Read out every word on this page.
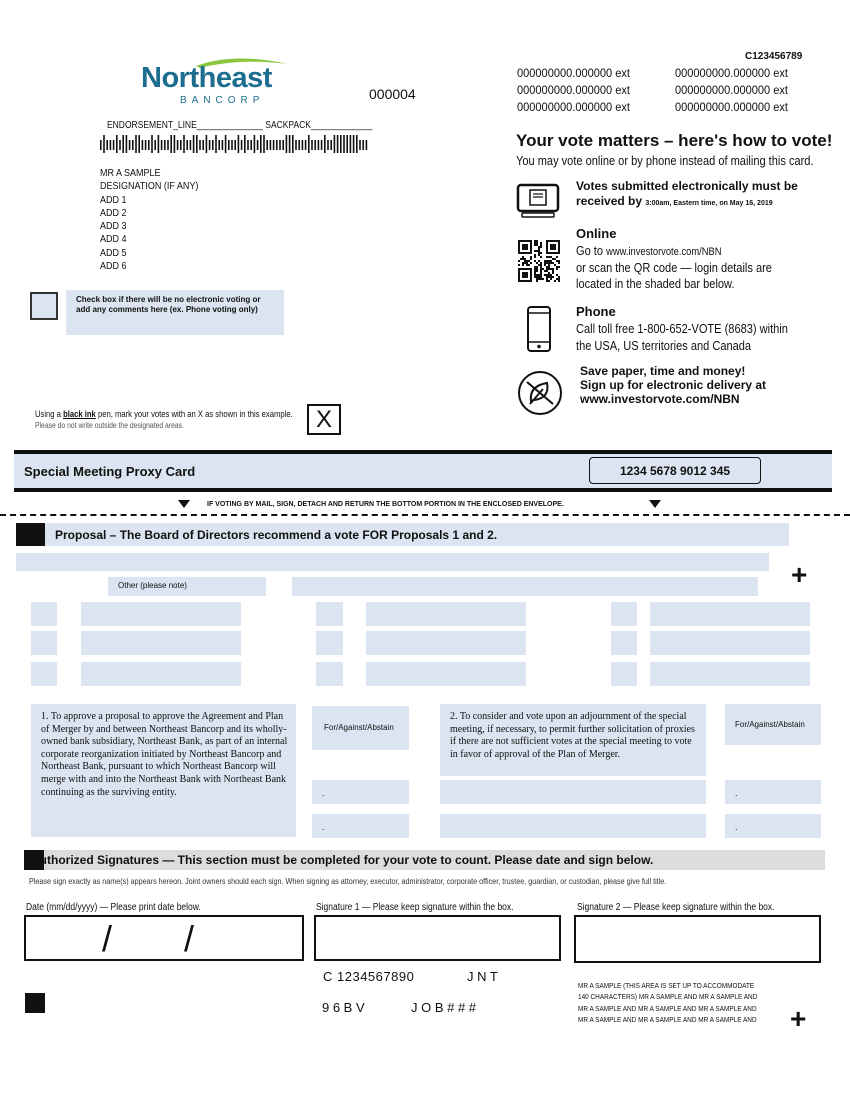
Northeast
BANCORP	000004
C123456789
000000000.000000 ext	000000000.000000 ext
000000000.000000 ext	000000000.000000 ext
000000000.000000 ext	000000000.000000 ext
ENDORSEMENT_LINE______________ SACKPACK_____________
MR A SAMPLE
DESIGNATION (IF ANY)
ADD 1
ADD 2
ADD 3
ADD 4
ADD 5
ADD 6
Check box if there will be no electronic voting or add any comments here (ex. Phone voting only)
Using a black ink pen, mark your votes with an X as shown in this example.
Please do not write outside the designated areas.	X
Your vote matters – here's how to vote!
You may vote online or by phone instead of mailing this card.
Votes submitted electronically must be received by 3:00am, Eastern time, on May 16, 2019
Online
Go to www.investorvote.com/NBN
or scan the QR code — login details are
located in the shaded bar below.
Phone
Call toll free 1-800-652-VOTE (8683) within
the USA, US territories and Canada
Save paper, time and money!
Sign up for electronic delivery at
www.investorvote.com/NBN
Special Meeting Proxy Card	1234 5678 9012 345
IF VOTING BY MAIL, SIGN, DETACH AND RETURN THE BOTTOM PORTION IN THE ENCLOSED ENVELOPE.
Proposal – The Board of Directors recommend a vote FOR Proposals 1 and 2.
+
Other (please note)
1. To approve a proposal to approve the Agreement and Plan of Merger by and between Northeast Bancorp and its wholly-owned bank subsidiary, Northeast Bank, as part of an internal corporate reorganization initiated by Northeast Bancorp and Northeast Bank, pursuant to which Northeast Bancorp will merge with and into the Northeast Bank with Northeast Bank continuing as the surviving entity.
For/Against/Abstain
.
.
2. To consider and vote upon an adjournment of the special meeting, if necessary, to permit further solicitation of proxies if there are not sufficient votes at the special meeting to vote in favor of approval of the Plan of Merger.
For/Against/Abstain
.
.
Authorized Signatures — This section must be completed for your vote to count. Please date and sign below.
Please sign exactly as name(s) appears hereon. Joint owners should each sign. When signing as attorney, executor, administrator, corporate officer, trustee, guardian, or custodian, please give full title.
Date (mm/dd/yyyy) — Please print date below.	Signature 1 — Please keep signature within the box.	Signature 2 — Please keep signature within the box.
/ /
C 1234567890	J N T
9 6 B V	J O B # # #
MR A SAMPLE (THIS AREA IS SET UP TO ACCOMMODATE 140 CHARACTERS) MR A SAMPLE AND MR A SAMPLE AND MR A SAMPLE AND MR A SAMPLE AND MR A SAMPLE AND MR A SAMPLE AND MR A SAMPLE AND MR A SAMPLE AND +
